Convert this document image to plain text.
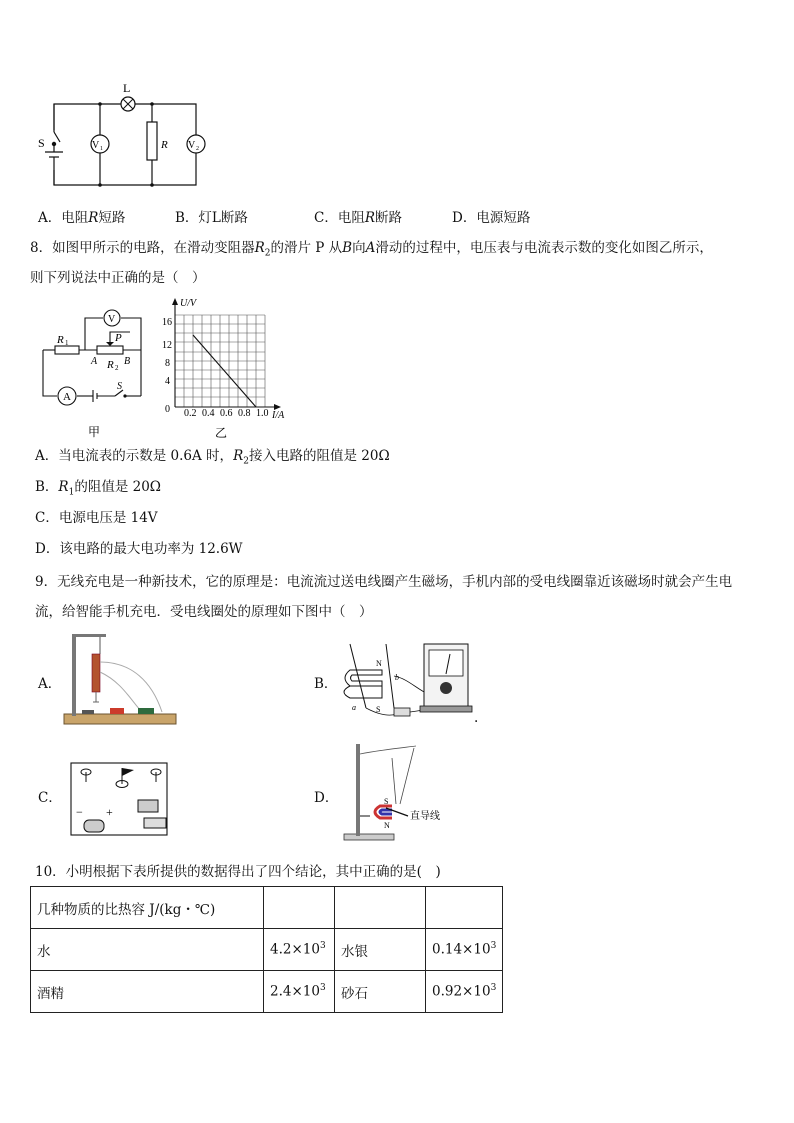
V 1	R V 2
L
S
A．电阻R短路	B．灯L断路	C．电阻R断路	D．电源短路
8．如图甲所示的电路，在滑动变阻器$R_2$的滑片 P 从B向A滑动的过程中，电压表与电流表示数的变化如图乙所示，
则下列说法中正确的是（　）
A
V
R 1	P
A R 2
B
S
甲
U/V
I/A
16
12
8
4
0 0.2 0.4 0.6 0.8 1.0
乙
A．当电流表的示数是 0.6A 时，$R_2$接入电路的阻值是 20Ω
B．$R_1$的阻值是 20Ω
C．电源电压是 14V
D．该电路的最大电功率为 12.6W
9．无线充电是一种新技术，它的原理是：电流流过送电线圈产生磁场，手机内部的受电线圈靠近该磁场时就会产生电
流，给智能手机充电．受电线圈处的原理如下图中（　）
A．	B．
N
S
a
b
.
C．
− +
D．	S
N
直导线
10．小明根据下表所提供的数据得出了四个结论，其中正确的是(　)
几种物质的比热容 J/(kg・℃)			
水	$4.2\times 10^3$	水银	$0.14\times 10^3$
酒精	$2.4\times 10^3$	砂石	$0.92\times 10^3$
